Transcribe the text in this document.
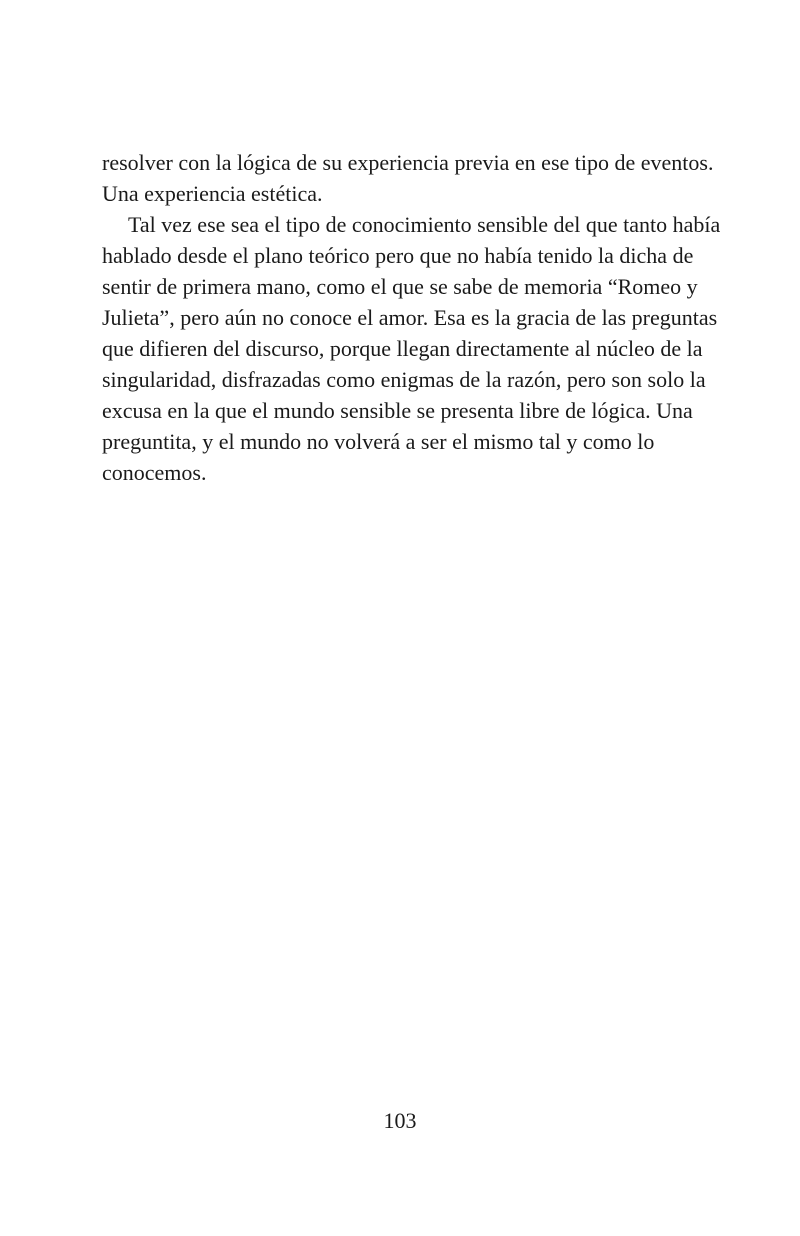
resolver con la lógica de su experiencia previa en ese tipo de eventos.
Una experiencia estética.
Tal vez ese sea el tipo de conocimiento sensible del que tanto había
hablado desde el plano teórico pero que no había tenido la dicha de
sentir de primera mano, como el que se sabe de memoria “Romeo y
Julieta”, pero aún no conoce el amor. Esa es la gracia de las preguntas
que difieren del discurso, porque llegan directamente al núcleo de la
singularidad, disfrazadas como enigmas de la razón, pero son solo la
excusa en la que el mundo sensible se presenta libre de lógica. Una
preguntita, y el mundo no volverá a ser el mismo tal y como lo
conocemos.
103
